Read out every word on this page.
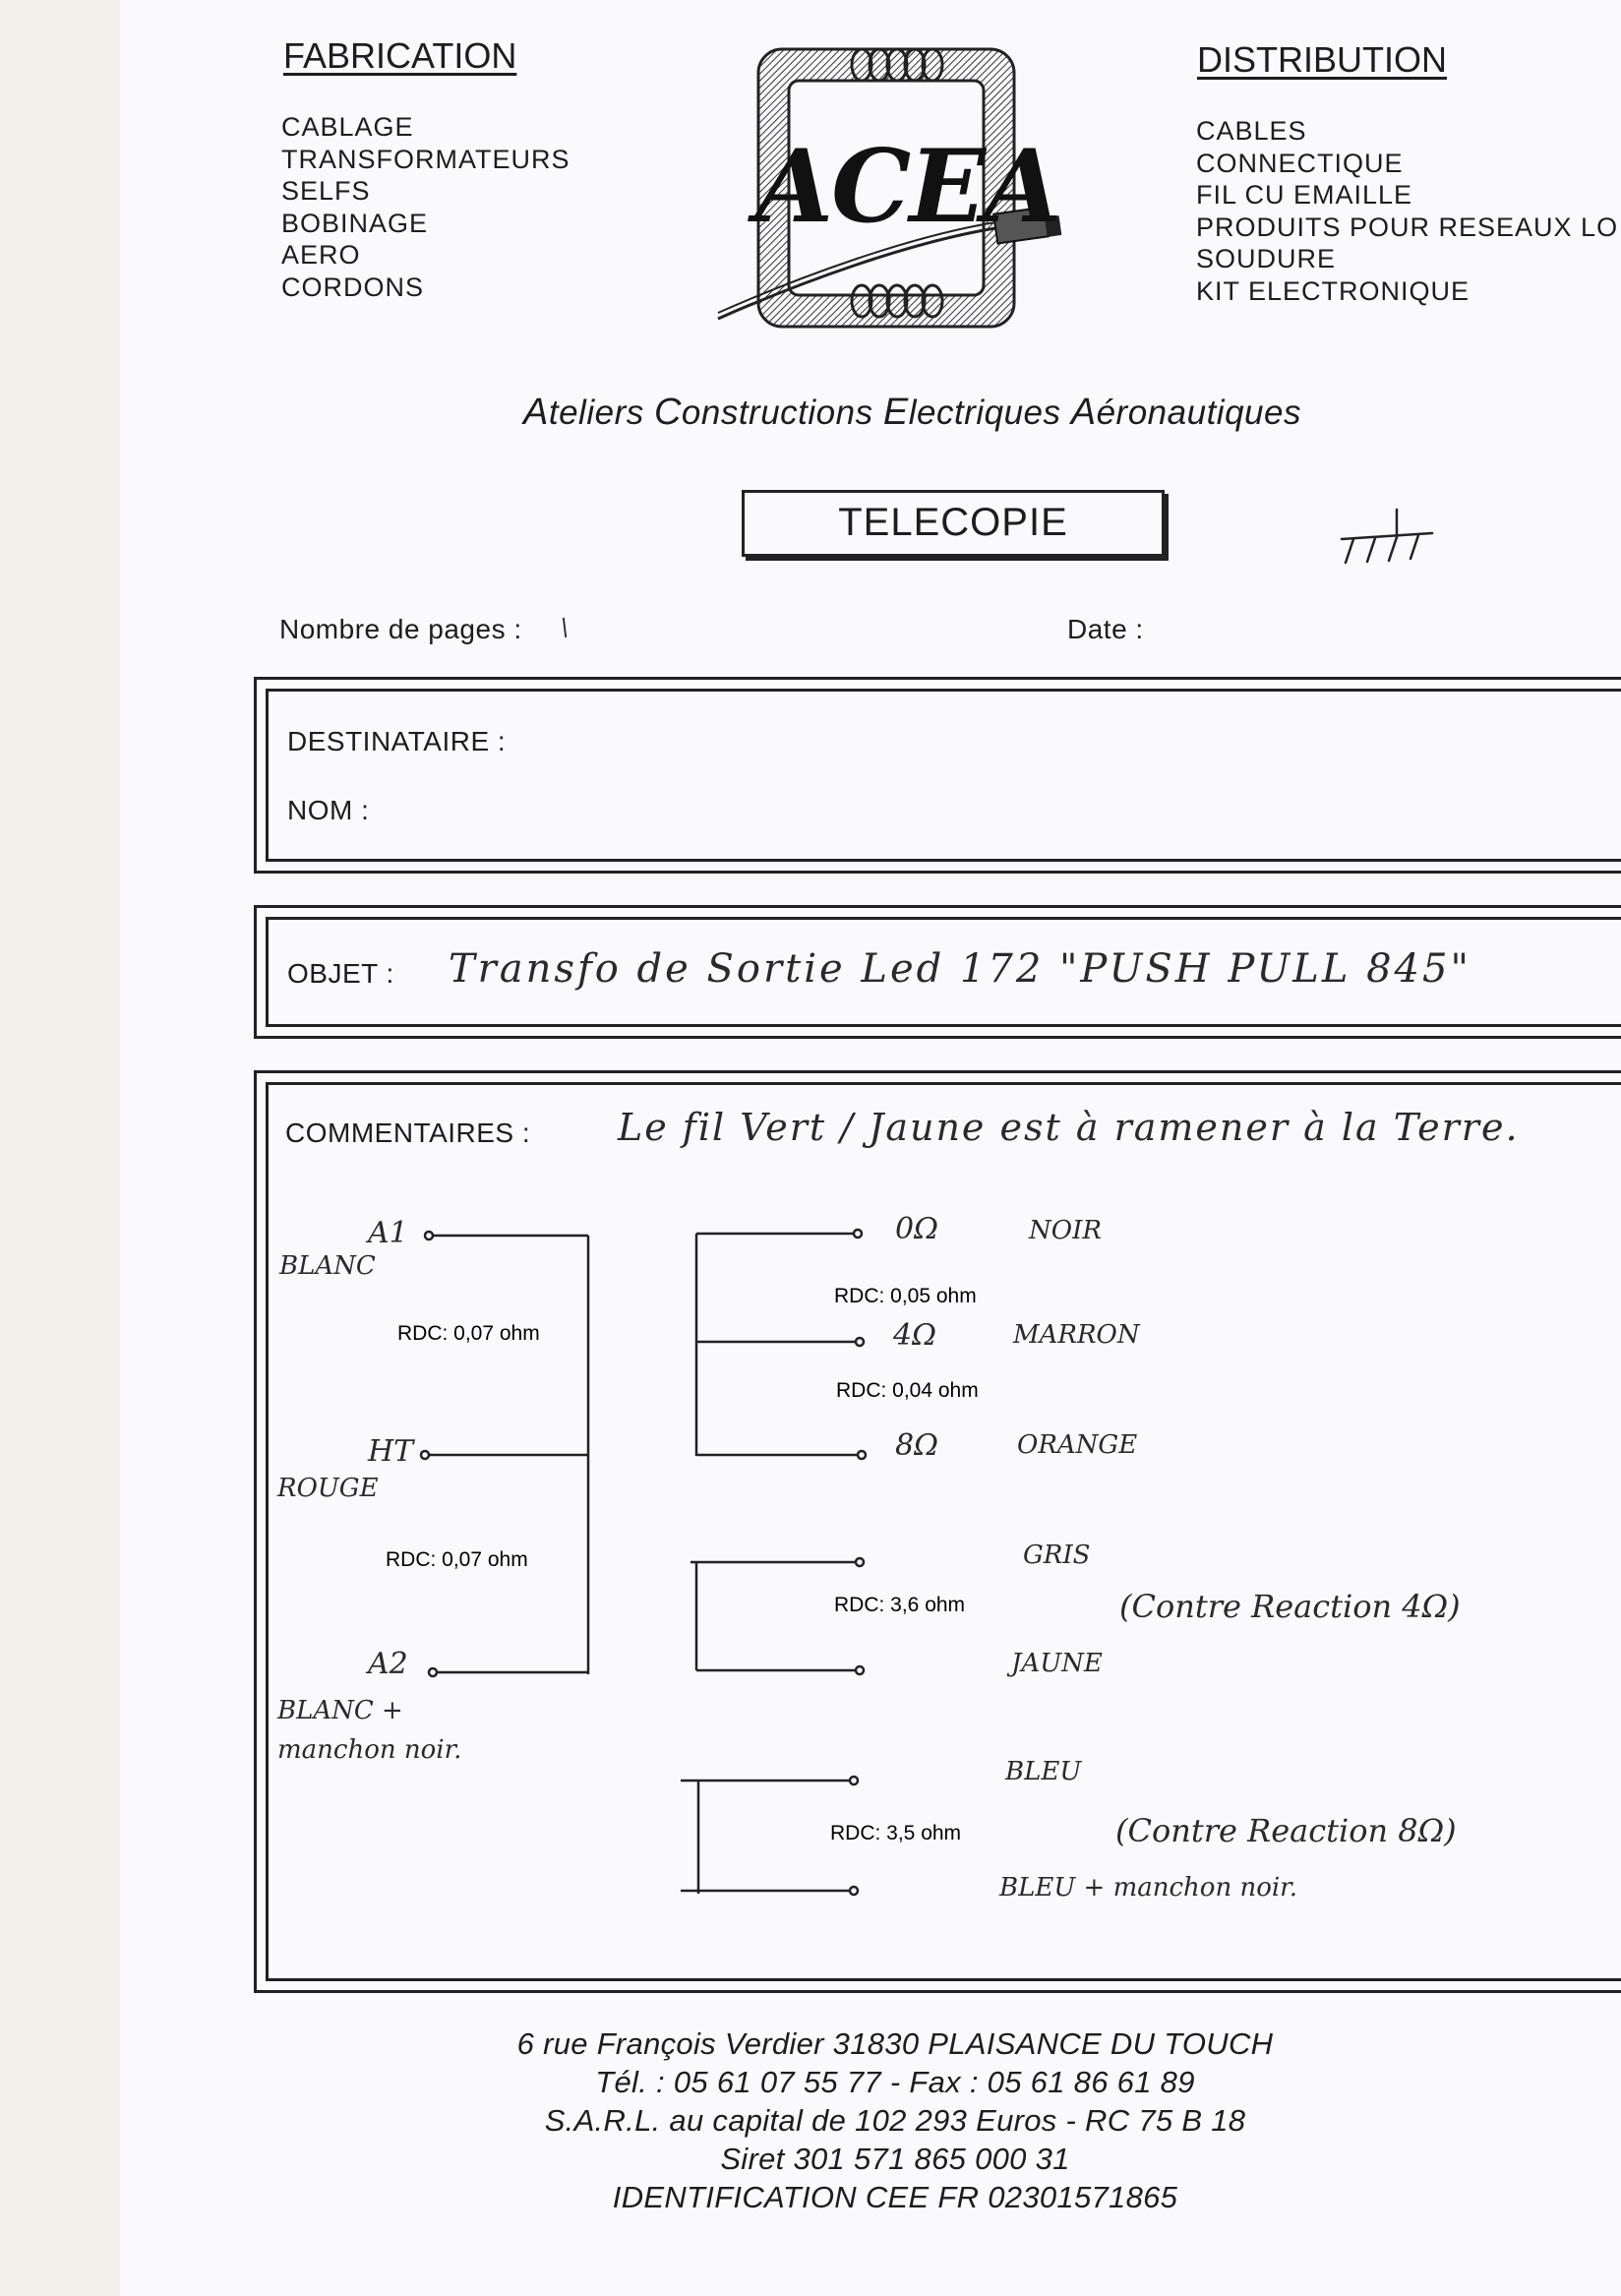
FABRICATION
CABLAGE
TRANSFORMATEURS
SELFS
BOBINAGE
AERO
CORDONS
ACEA
DISTRIBUTION
CABLES
CONNECTIQUE
FIL CU EMAILLE
PRODUITS POUR RESEAUX LO
SOUDURE
KIT ELECTRONIQUE
Ateliers Constructions Electriques Aéronautiques
TELECOPIE
Nombre de pages : \	Date :
DESTINATAIRE :
NOM :
OBJET : Transfo de Sortie Led 172 "PUSH PULL 845"
COMMENTAIRES : Le fil Vert / Jaune est à ramener à la Terre.
A1
BLANC
RDC: 0,07 ohm
HT
ROUGE
RDC: 0,07 ohm
A2
BLANC +
manchon noir.
0Ω	NOIR
RDC: 0,05 ohm
4Ω	MARRON
RDC: 0,04 ohm
8Ω	ORANGE
GRIS
RDC: 3,6 ohm	(Contre Reaction 4Ω)
JAUNE
BLEU
RDC: 3,5 ohm	(Contre Reaction 8Ω)
BLEU + manchon noir.
6 rue François Verdier 31830 PLAISANCE DU TOUCH
Tél. : 05 61 07 55 77 - Fax : 05 61 86 61 89
S.A.R.L. au capital de 102 293 Euros - RC 75 B 18
Siret 301 571 865 000 31
IDENTIFICATION CEE FR 02301571865
